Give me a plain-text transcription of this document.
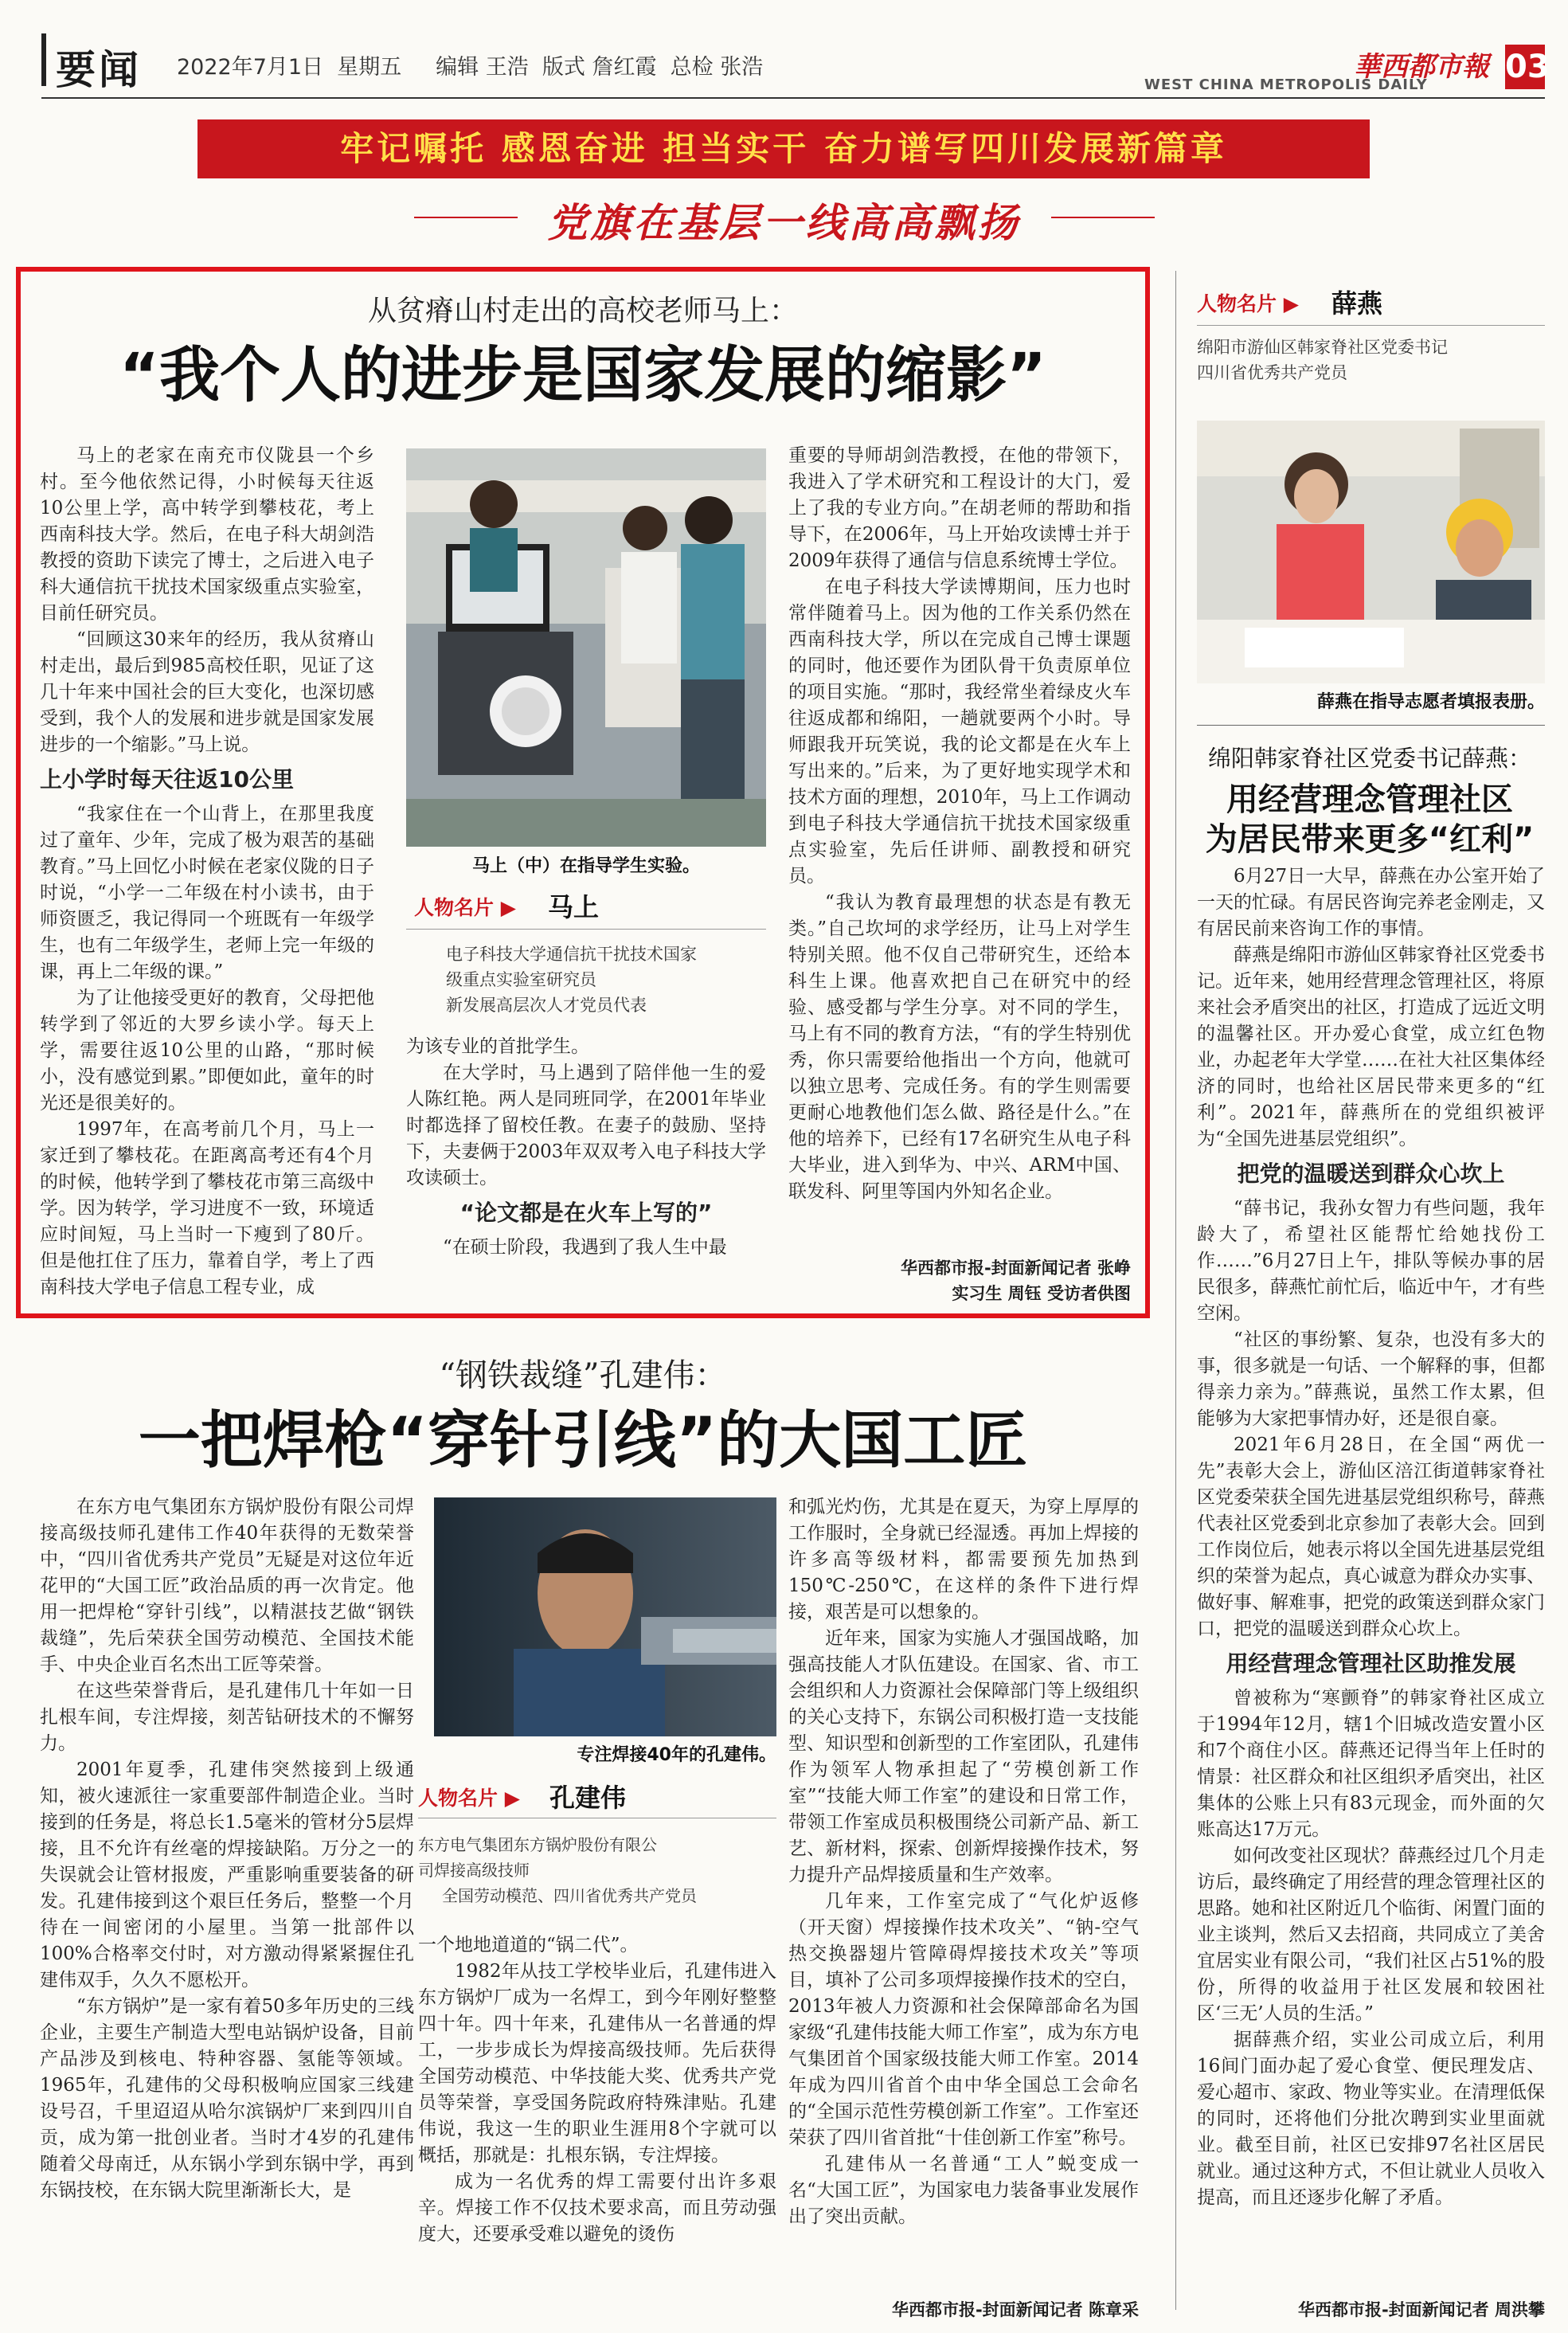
要闻 2022年7月1日  星期五     编辑 王浩  版式 詹红霞  总检 张浩
WEST CHINA METROPOLIS DAILY
華西都市報 03
牢记嘱托 感恩奋进 担当实干 奋力谱写四川发展新篇章
党旗在基层一线高高飘扬
从贫瘠山村走出的高校老师马上：
“我个人的进步是国家发展的缩影”

马上的老家在南充市仪陇县一个乡村。至今他依然记得，小时候每天往返10公里上学，高中转学到攀枝花，考上西南科技大学。然后，在电子科大胡剑浩教授的资助下读完了博士，之后进入电子科大通信抗干扰技术国家级重点实验室，目前任研究员。

“回顾这30来年的经历，我从贫瘠山村走出，最后到985高校任职，见证了这几十年来中国社会的巨大变化，也深切感受到，我个人的发展和进步就是国家发展进步的一个缩影。”马上说。

上小学时每天往返10公里

“我家住在一个山背上，在那里我度过了童年、少年，完成了极为艰苦的基础教育。”马上回忆小时候在老家仪陇的日子时说，“小学一二年级在村小读书，由于师资匮乏，我记得同一个班既有一年级学生，也有二年级学生，老师上完一年级的课，再上二年级的课。”

为了让他接受更好的教育，父母把他转学到了邻近的大罗乡读小学。每天上学，需要往返10公里的山路，“那时候小，没有感觉到累。”即便如此，童年的时光还是很美好的。

1997年，在高考前几个月，马上一家迁到了攀枝花。在距离高考还有4个月的时候，他转学到了攀枝花市第三高级中学。因为转学，学习进度不一致，环境适应时间短，马上当时一下瘦到了80斤。但是他扛住了压力，靠着自学，考上了西南科技大学电子信息工程专业，成

马上（中）在指导学生实验。
人物名片 ▶ 马上
电子科技大学通信抗干扰技术国家
级重点实验室研究员
新发展高层次人才党员代表

为该专业的首批学生。

在大学时，马上遇到了陪伴他一生的爱人陈红艳。两人是同班同学，在2001年毕业时都选择了留校任教。在妻子的鼓励、坚持下，夫妻俩于2003年双双考入电子科技大学攻读硕士。

“论文都是在火车上写的”

“在硕士阶段，我遇到了我人生中最

重要的导师胡剑浩教授，在他的带领下，我进入了学术研究和工程设计的大门，爱上了我的专业方向。”在胡老师的帮助和指导下，在2006年，马上开始攻读博士并于2009年获得了通信与信息系统博士学位。

在电子科技大学读博期间，压力也时常伴随着马上。因为他的工作关系仍然在西南科技大学，所以在完成自己博士课题的同时，他还要作为团队骨干负责原单位的项目实施。“那时，我经常坐着绿皮火车往返成都和绵阳，一趟就要两个小时。导师跟我开玩笑说，我的论文都是在火车上写出来的。”后来，为了更好地实现学术和技术方面的理想，2010年，马上工作调动到电子科技大学通信抗干扰技术国家级重点实验室，先后任讲师、副教授和研究员。

“我认为教育最理想的状态是有教无类。”自己坎坷的求学经历，让马上对学生特别关照。他不仅自己带研究生，还给本科生上课。他喜欢把自己在研究中的经验、感受都与学生分享。对不同的学生，马上有不同的教育方法，“有的学生特别优秀，你只需要给他指出一个方向，他就可以独立思考、完成任务。有的学生则需要更耐心地教他们怎么做、路径是什么。”在他的培养下，已经有17名研究生从电子科大毕业，进入到华为、中兴、ARM中国、联发科、阿里等国内外知名企业。

华西都市报-封面新闻记者 张峥
实习生 周钰 受访者供图
“钢铁裁缝”孔建伟：
一把焊枪“穿针引线”的大国工匠

在东方电气集团东方锅炉股份有限公司焊接高级技师孔建伟工作40年获得的无数荣誉中，“四川省优秀共产党员”无疑是对这位年近花甲的“大国工匠”政治品质的再一次肯定。他用一把焊枪“穿针引线”，以精湛技艺做“钢铁裁缝”，先后荣获全国劳动模范、全国技术能手、中央企业百名杰出工匠等荣誉。

在这些荣誉背后，是孔建伟几十年如一日扎根车间，专注焊接，刻苦钻研技术的不懈努力。

2001年夏季，孔建伟突然接到上级通知，被火速派往一家重要部件制造企业。当时接到的任务是，将总长1.5毫米的管材分5层焊接，且不允许有丝毫的焊接缺陷。万分之一的失误就会让管材报废，严重影响重要装备的研发。孔建伟接到这个艰巨任务后，整整一个月待在一间密闭的小屋里。当第一批部件以100%合格率交付时，对方激动得紧紧握住孔建伟双手，久久不愿松开。

“东方锅炉”是一家有着50多年历史的三线企业，主要生产制造大型电站锅炉设备，目前产品涉及到核电、特种容器、氢能等领域。1965年，孔建伟的父母积极响应国家三线建设号召，千里迢迢从哈尔滨锅炉厂来到四川自贡，成为第一批创业者。当时才4岁的孔建伟随着父母南迁，从东锅小学到东锅中学，再到东锅技校，在东锅大院里渐渐长大，是

专注焊接40年的孔建伟。
人物名片 ▶ 孔建伟
东方电气集团东方锅炉股份有限公
司焊接高级技师
全国劳动模范、四川省优秀共产党员

一个地地道道的“锅二代”。

1982年从技工学校毕业后，孔建伟进入东方锅炉厂成为一名焊工，到今年刚好整整四十年。四十年来，孔建伟从一名普通的焊工，一步步成长为焊接高级技师。先后获得全国劳动模范、中华技能大奖、优秀共产党员等荣誉，享受国务院政府特殊津贴。孔建伟说，我这一生的职业生涯用8个字就可以概括，那就是：扎根东锅，专注焊接。

成为一名优秀的焊工需要付出许多艰辛。焊接工作不仅技术要求高，而且劳动强度大，还要承受难以避免的烫伤

和弧光灼伤，尤其是在夏天，为穿上厚厚的工作服时，全身就已经湿透。再加上焊接的许多高等级材料，都需要预先加热到150℃-250℃，在这样的条件下进行焊接，艰苦是可以想象的。

近年来，国家为实施人才强国战略，加强高技能人才队伍建设。在国家、省、市工会组织和人力资源社会保障部门等上级组织的关心支持下，东锅公司积极打造一支技能型、知识型和创新型的工作室团队，孔建伟作为领军人物承担起了“劳模创新工作室”“技能大师工作室”的建设和日常工作，带领工作室成员积极围绕公司新产品、新工艺、新材料，探索、创新焊接操作技术，努力提升产品焊接质量和生产效率。

几年来，工作室完成了“气化炉返修（开天窗）焊接操作技术攻关”、“钠-空气热交换器翅片管障碍焊接技术攻关”等项目，填补了公司多项焊接操作技术的空白，2013年被人力资源和社会保障部命名为国家级“孔建伟技能大师工作室”，成为东方电气集团首个国家级技能大师工作室。2014年成为四川省首个由中华全国总工会命名的“全国示范性劳模创新工作室”。工作室还荣获了四川省首批“十佳创新工作室”称号。

孔建伟从一名普通“工人”蜕变成一名“大国工匠”，为国家电力装备事业发展作出了突出贡献。

华西都市报-封面新闻记者 陈章采
人物名片 ▶ 薛燕
绵阳市游仙区韩家脊社区党委书记
四川省优秀共产党员
薛燕在指导志愿者填报表册。
绵阳韩家脊社区党委书记薛燕：
用经营理念管理社区
为居民带来更多“红利”

6月27日一大早，薛燕在办公室开始了一天的忙碌。有居民咨询完养老金刚走，又有居民前来咨询工作的事情。

薛燕是绵阳市游仙区韩家脊社区党委书记。近年来，她用经营理念管理社区，将原来社会矛盾突出的社区，打造成了远近文明的温馨社区。开办爱心食堂，成立红色物业，办起老年大学堂……在社大社区集体经济的同时，也给社区居民带来更多的“红利”。2021年，薛燕所在的党组织被评为“全国先进基层党组织”。

把党的温暖送到群众心坎上

“薛书记，我孙女智力有些问题，我年龄大了，希望社区能帮忙给她找份工作……”6月27日上午，排队等候办事的居民很多，薛燕忙前忙后，临近中午，才有些空闲。

“社区的事纷繁、复杂，也没有多大的事，很多就是一句话、一个解释的事，但都得亲力亲为。”薛燕说，虽然工作太累，但能够为大家把事情办好，还是很自豪。

2021年6月28日，在全国“两优一先”表彰大会上，游仙区涪江街道韩家脊社区党委荣获全国先进基层党组织称号，薛燕代表社区党委到北京参加了表彰大会。回到工作岗位后，她表示将以全国先进基层党组织的荣誉为起点，真心诚意为群众办实事、做好事、解难事，把党的政策送到群众家门口，把党的温暖送到群众心坎上。

用经营理念管理社区助推发展

曾被称为“寒颤脊”的韩家脊社区成立于1994年12月，辖1个旧城改造安置小区和7个商住小区。薛燕还记得当年上任时的情景：社区群众和社区组织矛盾突出，社区集体的公账上只有83元现金，而外面的欠账高达17万元。

如何改变社区现状？薛燕经过几个月走访后，最终确定了用经营的理念管理社区的思路。她和社区附近几个临街、闲置门面的业主谈判，然后又去招商，共同成立了美舍宜居实业有限公司，“我们社区占51%的股份，所得的收益用于社区发展和较困社区‘三无’人员的生活。”

据薛燕介绍，实业公司成立后，利用16间门面办起了爱心食堂、便民理发店、爱心超市、家政、物业等实业。在清理低保的同时，还将他们分批次聘到实业里面就业。截至目前，社区已安排97名社区居民就业。通过这种方式，不但让就业人员收入提高，而且还逐步化解了矛盾。

华西都市报-封面新闻记者 周洪攀
